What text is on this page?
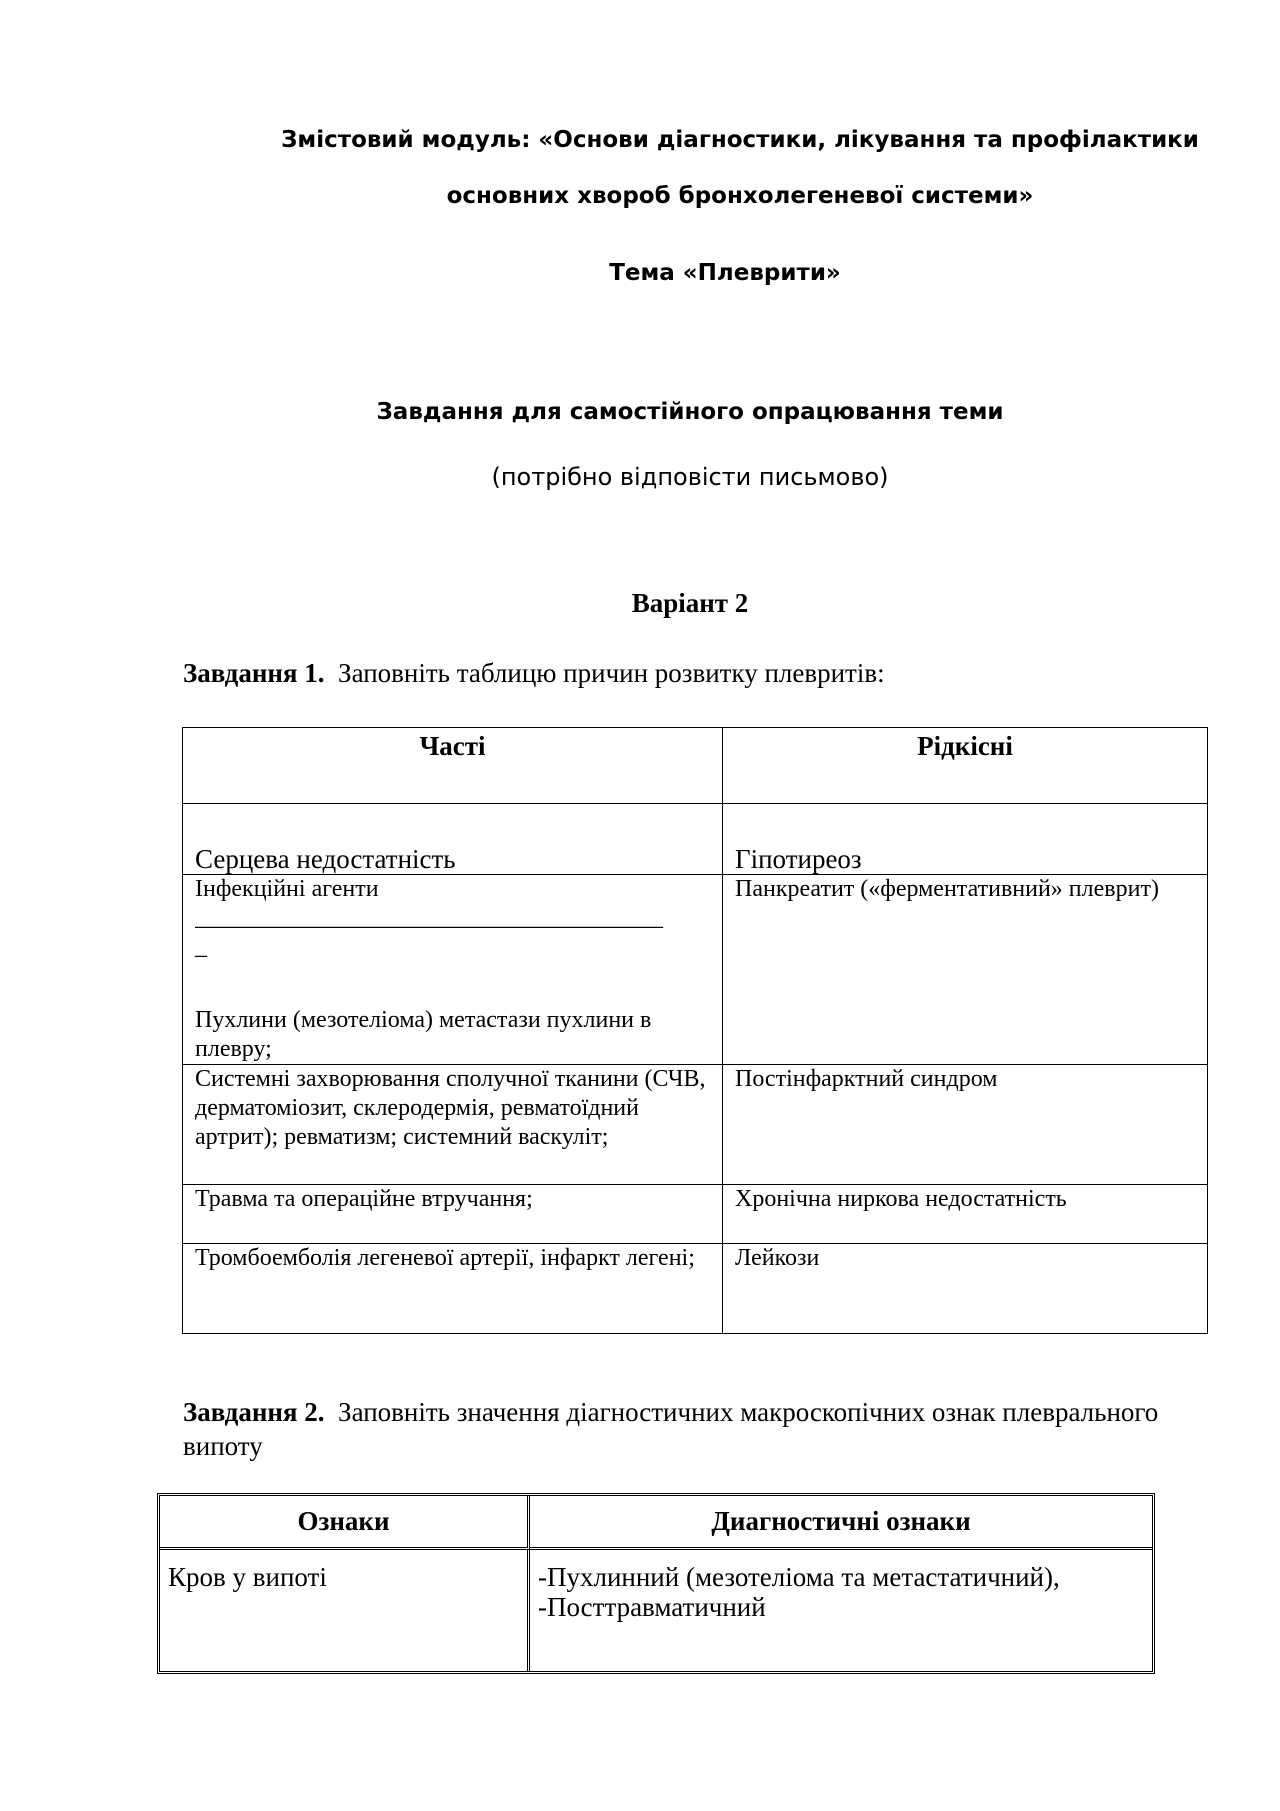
Змістовий модуль: «Основи діагностики, лікування та профілактики
основних хвороб бронхолегеневої системи»
Тема «Плеврити»
Завдання для самостійного опрацювання теми
(потрібно відповісти письмово)
Варіант 2
Завдання 1. Заповніть таблицю причин розвитку плевритів:
Часті	Рідкісні
Серцева недостатність	Гіпотиреоз

Інфекційні агенти
_______________________________________
_
Пухлини (мезотеліома) метастази пухлини в плевру;	Панкреатит («ферментативний» плеврит)
Системні захворювання сполучної тканини (СЧВ, дерматоміозит, склеродермія, ревматоїдний артрит); ревматизм; системний васкуліт;	Постінфарктний синдром
Травма та операційне втручання;	Хронічна ниркова недостатність
Тромбоемболія легеневої артерії, інфаркт легені;	Лейкози
Завдання 2. Заповніть значення діагностичних макроскопічних ознак плеврального випоту
Ознаки	Диагностичні ознаки
Кров у випоті	-Пухлинний (мезотеліома та метастатичний),
-Посттравматичний
